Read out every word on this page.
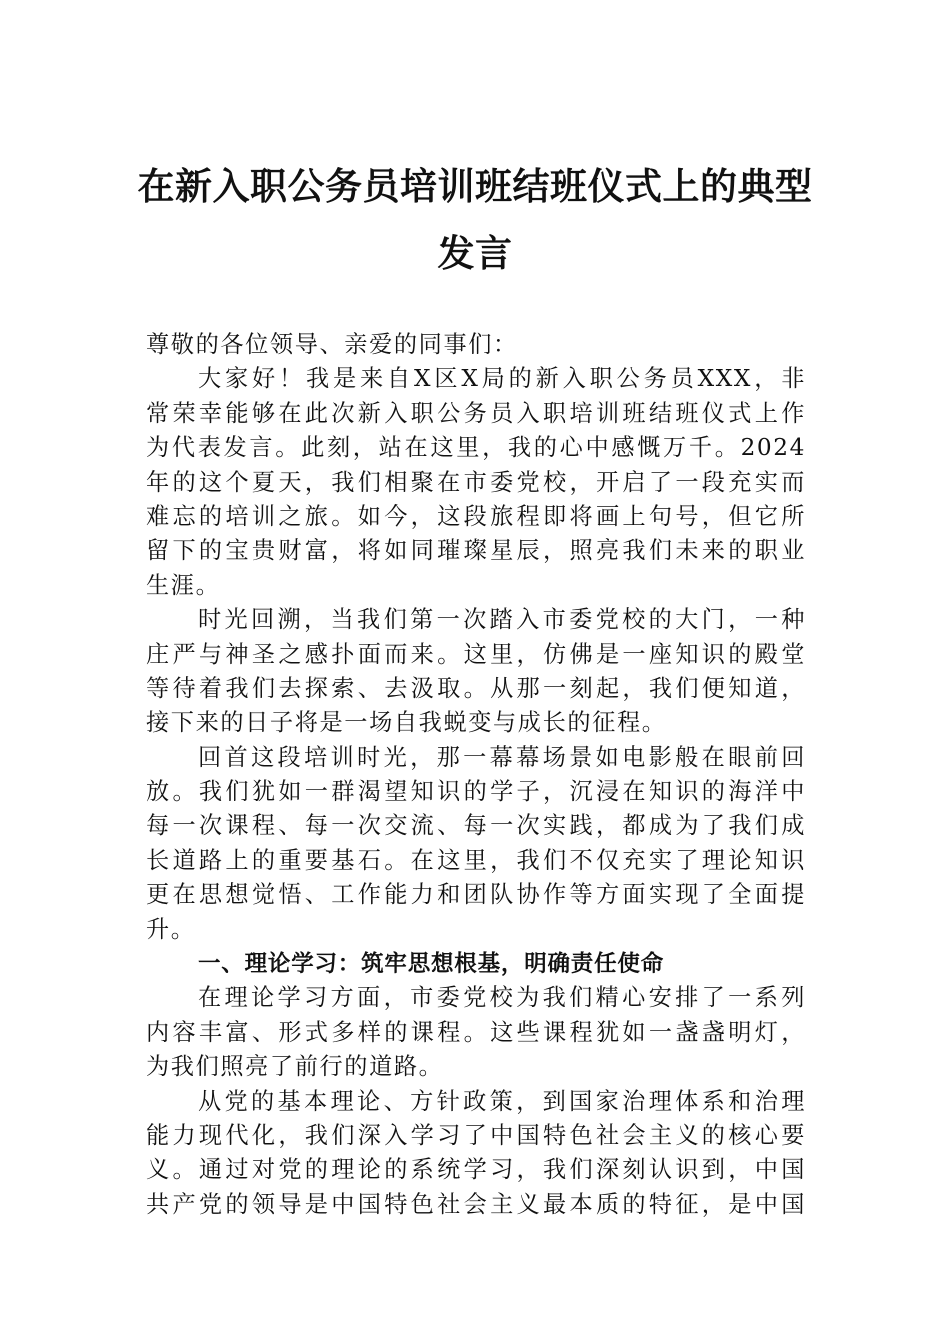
在新入职公务员培训班结班仪式上的典型
发言
尊敬的各位领导、亲爱的同事们：
大家好！我是来自X区X局的新入职公务员XXX，非
常荣幸能够在此次新入职公务员入职培训班结班仪式上作
为代表发言。此刻，站在这里，我的心中感慨万千。2024
年的这个夏天，我们相聚在市委党校，开启了一段充实而
难忘的培训之旅。如今，这段旅程即将画上句号，但它所
留下的宝贵财富，将如同璀璨星辰，照亮我们未来的职业
生涯。
时光回溯，当我们第一次踏入市委党校的大门，一种
庄严与神圣之感扑面而来。这里，仿佛是一座知识的殿堂
等待着我们去探索、去汲取。从那一刻起，我们便知道，
接下来的日子将是一场自我蜕变与成长的征程。
回首这段培训时光，那一幕幕场景如电影般在眼前回
放。我们犹如一群渴望知识的学子，沉浸在知识的海洋中
每一次课程、每一次交流、每一次实践，都成为了我们成
长道路上的重要基石。在这里，我们不仅充实了理论知识
更在思想觉悟、工作能力和团队协作等方面实现了全面提
升。
一、理论学习：筑牢思想根基，明确责任使命
在理论学习方面，市委党校为我们精心安排了一系列
内容丰富、形式多样的课程。这些课程犹如一盏盏明灯，
为我们照亮了前行的道路。
从党的基本理论、方针政策，到国家治理体系和治理
能力现代化，我们深入学习了中国特色社会主义的核心要
义。通过对党的理论的系统学习，我们深刻认识到，中国
共产党的领导是中国特色社会主义最本质的特征，是中国
